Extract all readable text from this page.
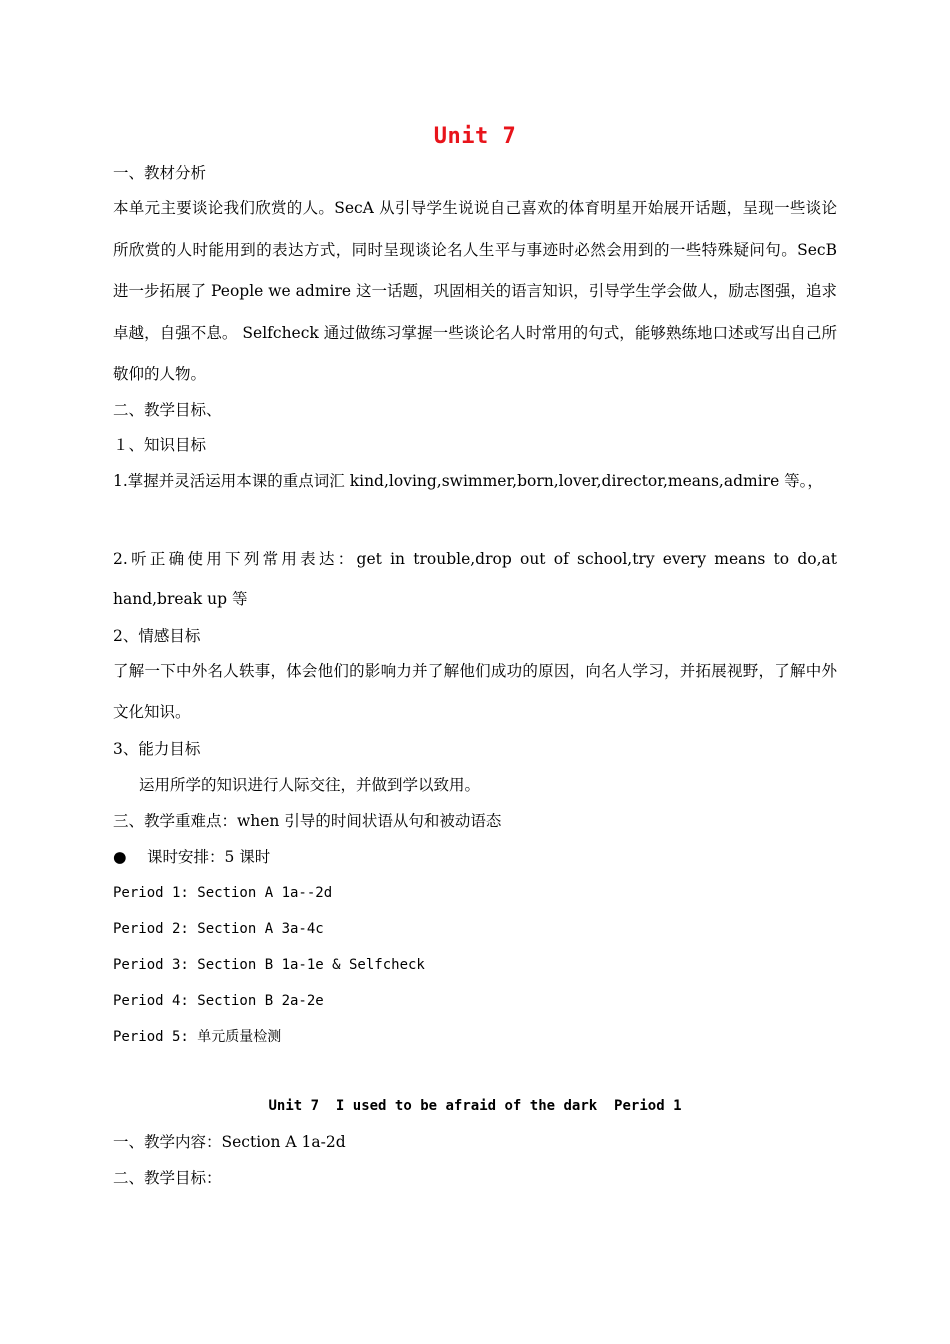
Unit 7
一、教材分析
本单元主要谈论我们欣赏的人。SecA 从引导学生说说自己喜欢的体育明星开始展开话题，呈现一些谈论所欣赏的人时能用到的表达方式，同时呈现谈论名人生平与事迹时必然会用到的一些特殊疑问句。SecB 进一步拓展了 People we admire 这一话题，巩固相关的语言知识，引导学生学会做人，励志图强，追求卓越，自强不息。 Selfcheck 通过做练习掌握一些谈论名人时常用的句式，能够熟练地口述或写出自己所敬仰的人物。
二、教学目标、
１、知识目标
1.掌握并灵活运用本课的重点词汇 kind,loving,swimmer,born,lover,director,means,admire 等。，
2.听正确使用下列常用表达：get in trouble,drop out of school,try every means to do,at hand,break up 等
2、情感目标
了解一下中外名人轶事，体会他们的影响力并了解他们成功的原因，向名人学习，并拓展视野，了解中外文化知识。
3、能力目标
运用所学的知识进行人际交往，并做到学以致用。
三、教学重难点：when 引导的时间状语从句和被动语态
● 课时安排：5 课时
Period 1: Section A 1a--2d
Period 2: Section A 3a-4c
Period 3: Section B 1a-1e & Selfcheck
Period 4: Section B 2a-2e
Period 5: 单元质量检测
Unit 7  I used to be afraid of the dark  Period 1
一、教学内容：Section A 1a-2d
二、教学目标：
